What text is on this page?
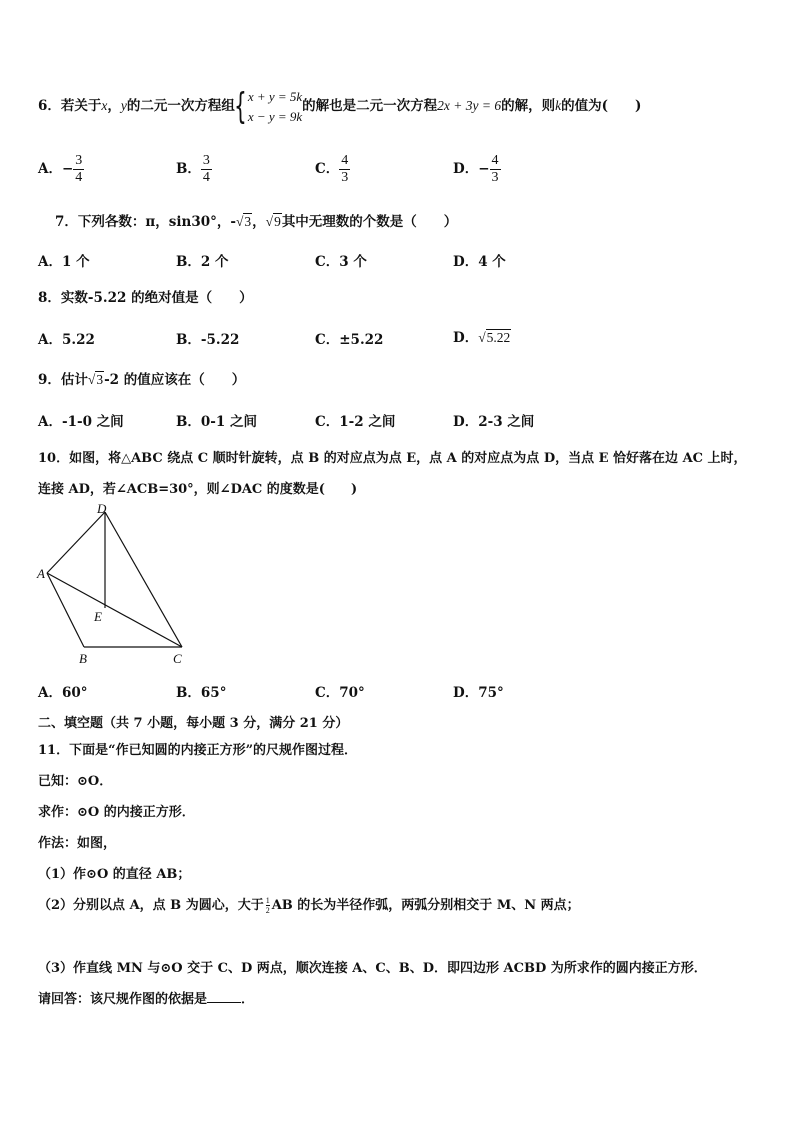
6．若关于x，y的二元一次方程组{ x + y = 5k
x − y = 9k
的解也是二元一次方程2x + 3y = 6的解，则k的值为(　　)
A．− $\frac{3}{4}$	B． $\frac{3}{4}$	C． $\frac{4}{3}$	D．− $\frac{4}{3}$
7．下列各数：π，sin30°，-√3，√9其中无理数的个数是（　　）
A．1 个	B．2 个	C．3 个	D．4 个
8．实数-5.22 的绝对值是（　　）
A．5.22	B．-5.22	C．±5.22	D．√5.22
9．估计√3-2 的值应该在（　　）
A．-1-0 之间	B．0-1 之间	C．1-2 之间	D．2-3 之间
10．如图，将△ABC 绕点 C 顺时针旋转，点 B 的对应点为点 E，点 A 的对应点为点 D，当点 E 恰好落在边 AC 上时，
连接 AD，若∠ACB=30°，则∠DAC 的度数是(　　)
D
A
E
B	C
A．60°	B．65°	C．70°	D．75°
二、填空题（共 7 小题，每小题 3 分，满分 21 分）
11．下面是“作已知圆的内接正方形”的尺规作图过程．
已知：⊙O．
求作：⊙O 的内接正方形．
作法：如图，
（1）作⊙O 的直径 AB；
（2）分别以点 A，点 B 为圆心，大于 $\frac{1}{2}$ AB 的长为半径作弧，两弧分别相交于 M、N 两点；
（3）作直线 MN 与⊙O 交于 C、D 两点，顺次连接 A、C、B、D．即四边形 ACBD 为所求作的圆内接正方形．
请回答：该尺规作图的依据是	．
